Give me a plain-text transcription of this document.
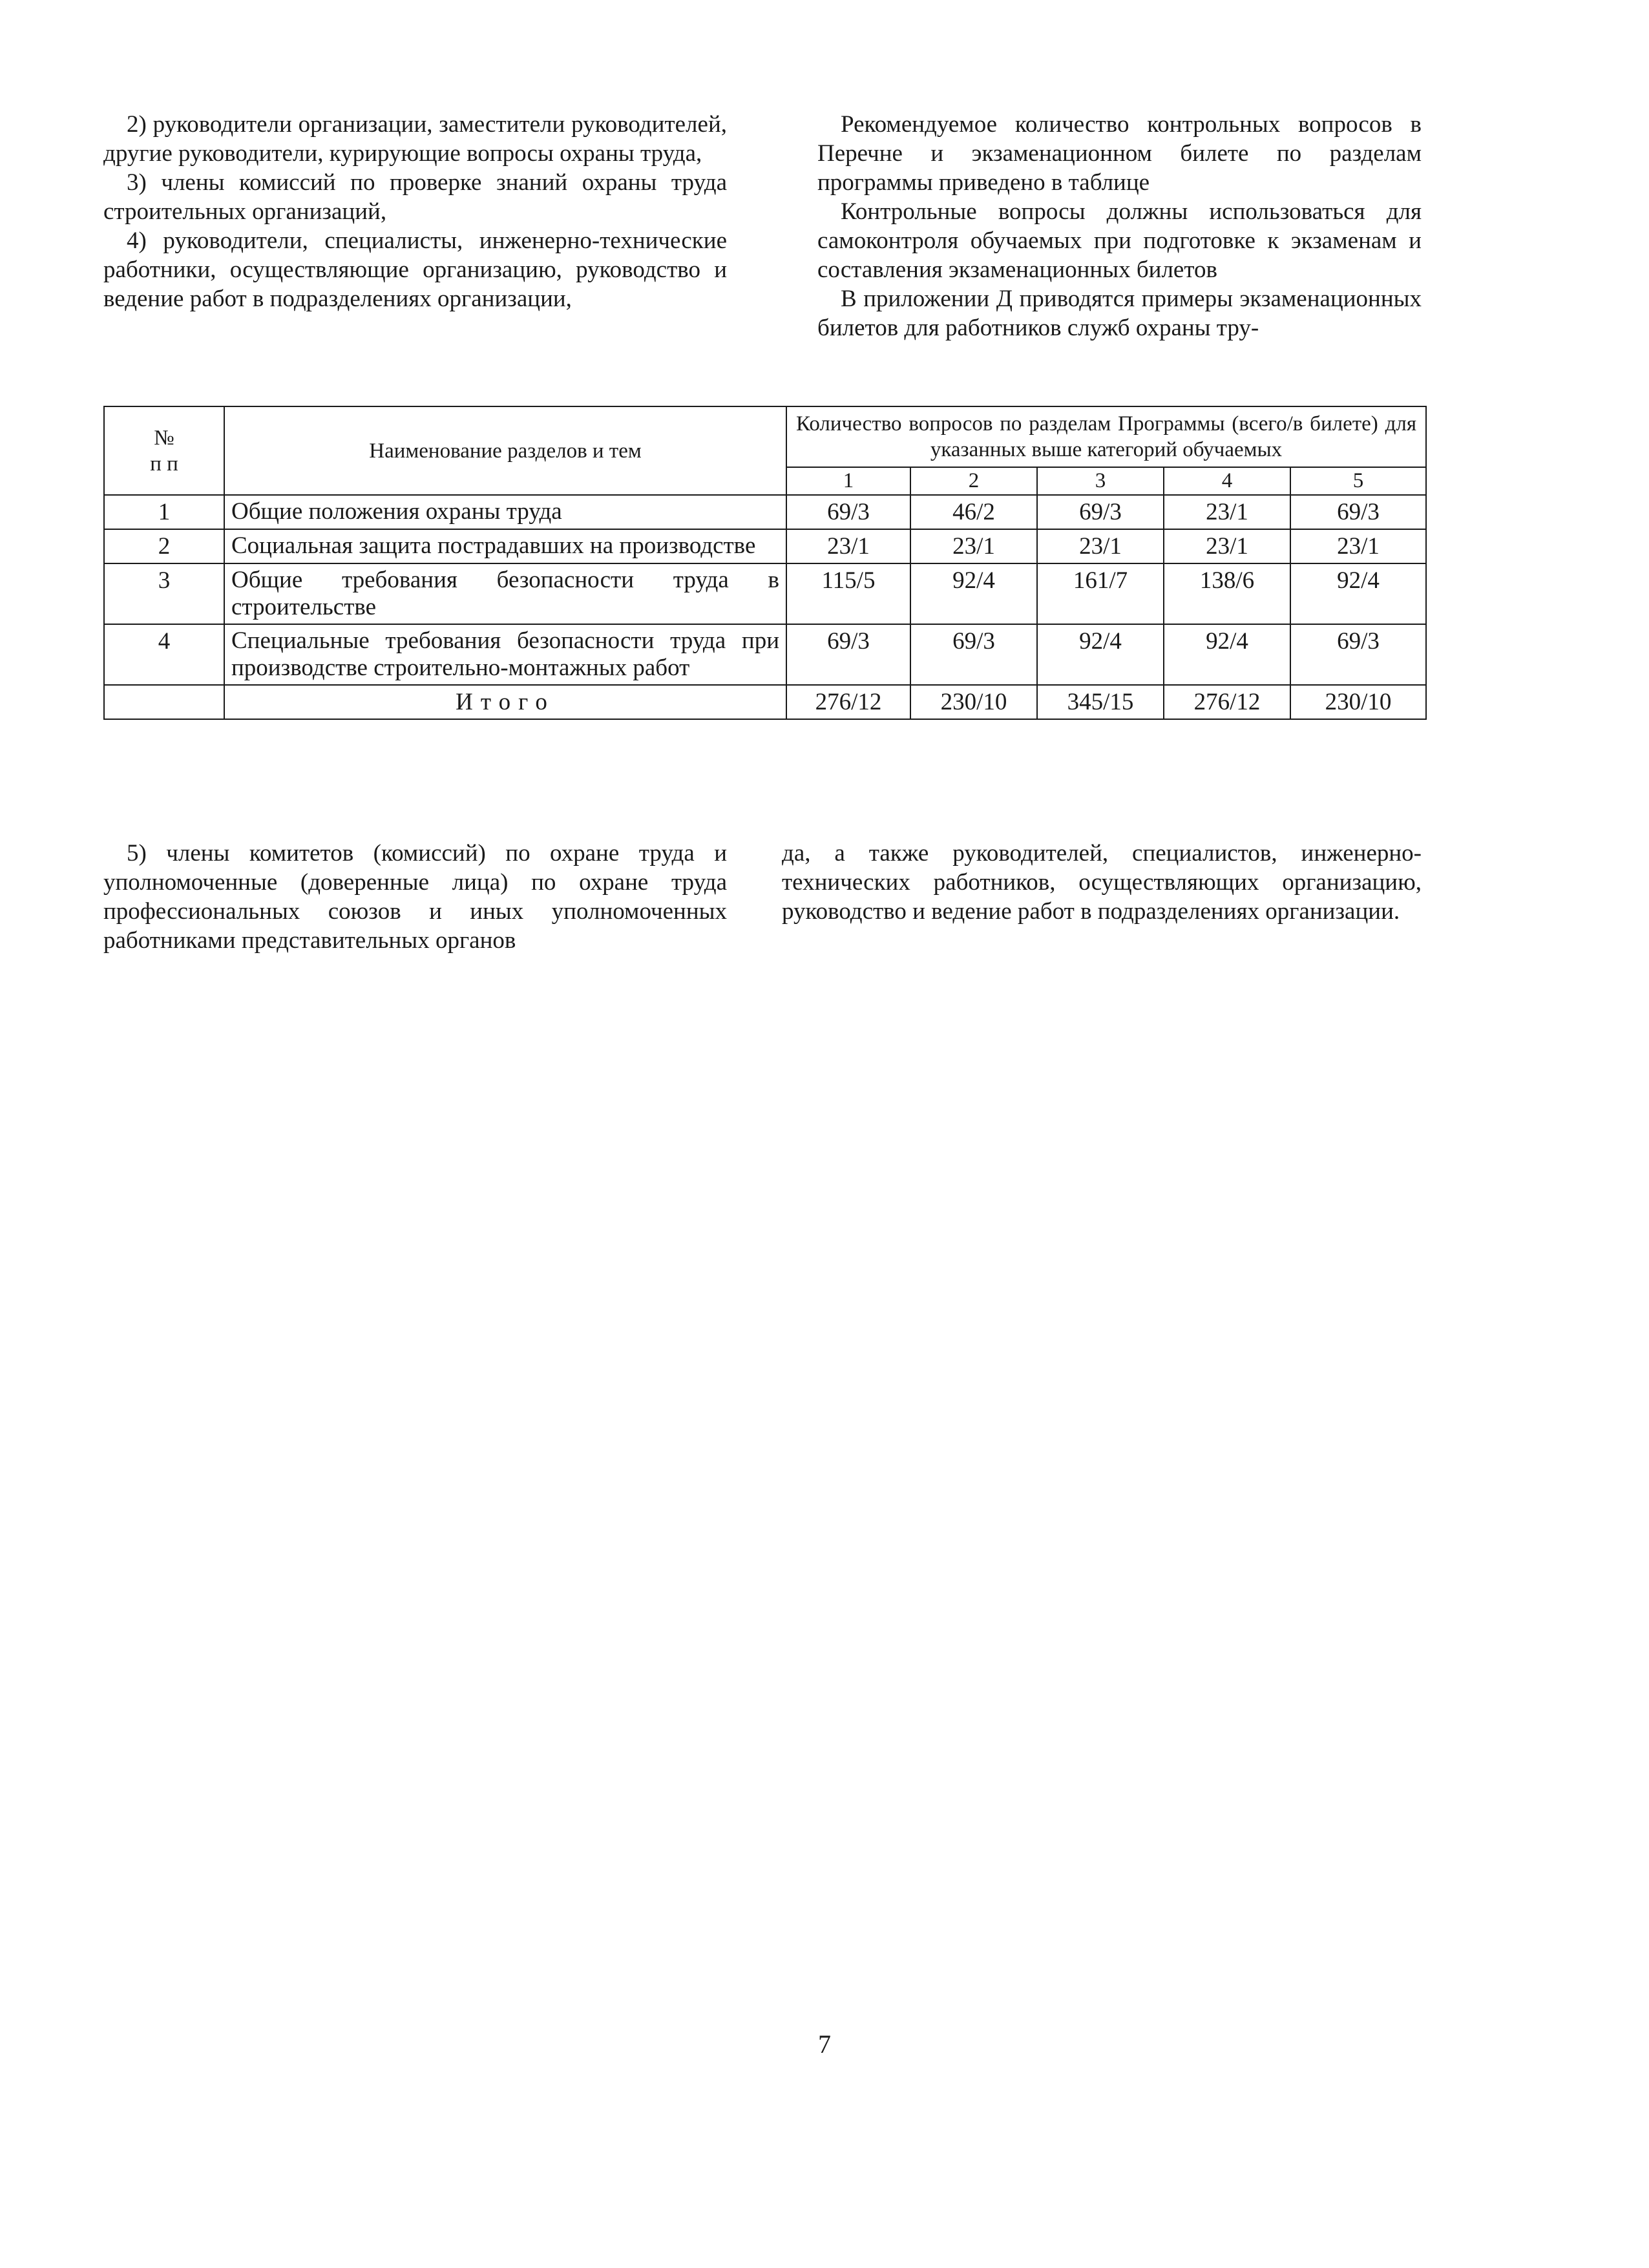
2) руководители организации, заместители руководителей, другие руководители, курирующие вопросы охраны труда,

3) члены комиссий по проверке знаний охраны труда строительных организаций,

4) руководители, специалисты, инженерно-технические работники, осуществляющие организацию, руководство и ведение работ в подразделениях организации,

Рекомендуемое количество контрольных вопросов в Перечне и экзаменационном билете по разделам программы приведено в таблице

Контрольные вопросы должны использоваться для самоконтроля обучаемых при подготовке к экзаменам и составления экзаменационных билетов

В приложении Д приводятся примеры экзаменационных билетов для работников служб охраны тру-

№
п п	Наименование разделов и тем	Количество вопросов по разделам Программы (всего/в билете) для указанных выше категорий обучаемых				
		1	2	3	4	5
1	Общие положения охраны труда	69/3	46/2	69/3	23/1	69/3
2	Социальная защита пострадавших на производстве	23/1	23/1	23/1	23/1	23/1
3	Общие требования безопасности труда в строительстве	115/5	92/4	161/7	138/6	92/4
4	Специальные требования безопасности труда при производстве строительно-монтажных работ	69/3	69/3	92/4	92/4	69/3
	Итого	276/12	230/10	345/15	276/12	230/10

5) члены комитетов (комиссий) по охране труда и уполномоченные (доверенные лица) по охране труда профессиональных союзов и иных уполномоченных работниками представительных органов

да, а также руководителей, специалистов, инженерно-технических работников, осуществляющих организацию, руководство и ведение работ в подразделениях организации.

7
